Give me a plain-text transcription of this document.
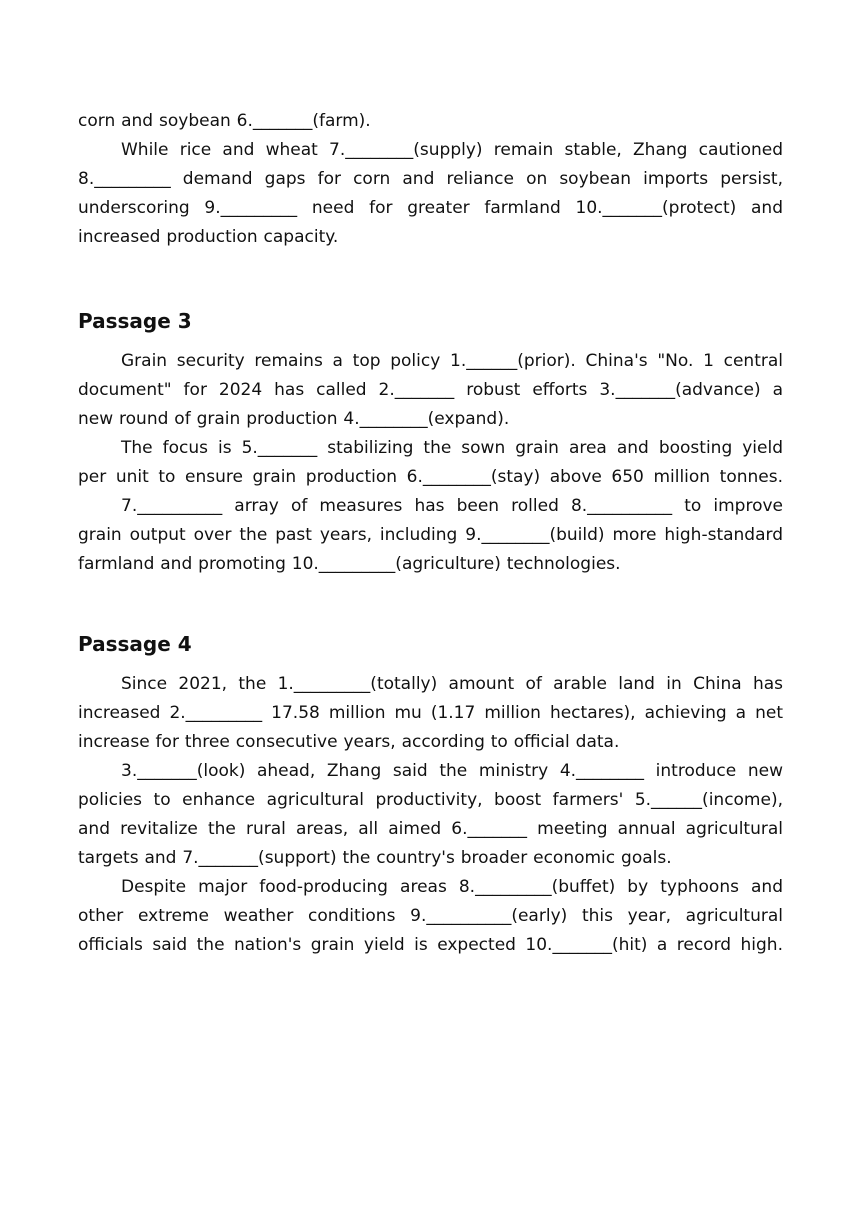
corn and soybean 6._______(farm).
While rice and wheat 7.________(supply) remain stable, Zhang cautioned
8._________ demand gaps for corn and reliance on soybean imports persist,
underscoring 9._________ need for greater farmland 10._______(protect) and
increased production capacity.
Passage 3
Grain security remains a top policy 1.______(prior). China's "No. 1 central
document" for 2024 has called 2._______ robust efforts 3._______(advance) a
new round of grain production 4.________(expand).
The focus is 5._______ stabilizing the sown grain area and boosting yield
per unit to ensure grain production 6.________(stay) above 650 million tonnes.
7.__________ array of measures has been rolled 8.__________ to improve
grain output over the past years, including 9.________(build) more high-standard
farmland and promoting 10._________(agriculture) technologies.
Passage 4
Since 2021, the 1._________(totally) amount of arable land in China has
increased 2._________ 17.58 million mu (1.17 million hectares), achieving a net
increase for three consecutive years, according to official data.
3._______(look) ahead, Zhang said the ministry 4.________ introduce new
policies to enhance agricultural productivity, boost farmers' 5.______(income),
and revitalize the rural areas, all aimed 6._______ meeting annual agricultural
targets and 7._______(support) the country's broader economic goals.
Despite major food-producing areas 8._________(buffet) by typhoons and
other extreme weather conditions 9.__________(early) this year, agricultural
officials said the nation's grain yield is expected 10._______(hit) a record high.
